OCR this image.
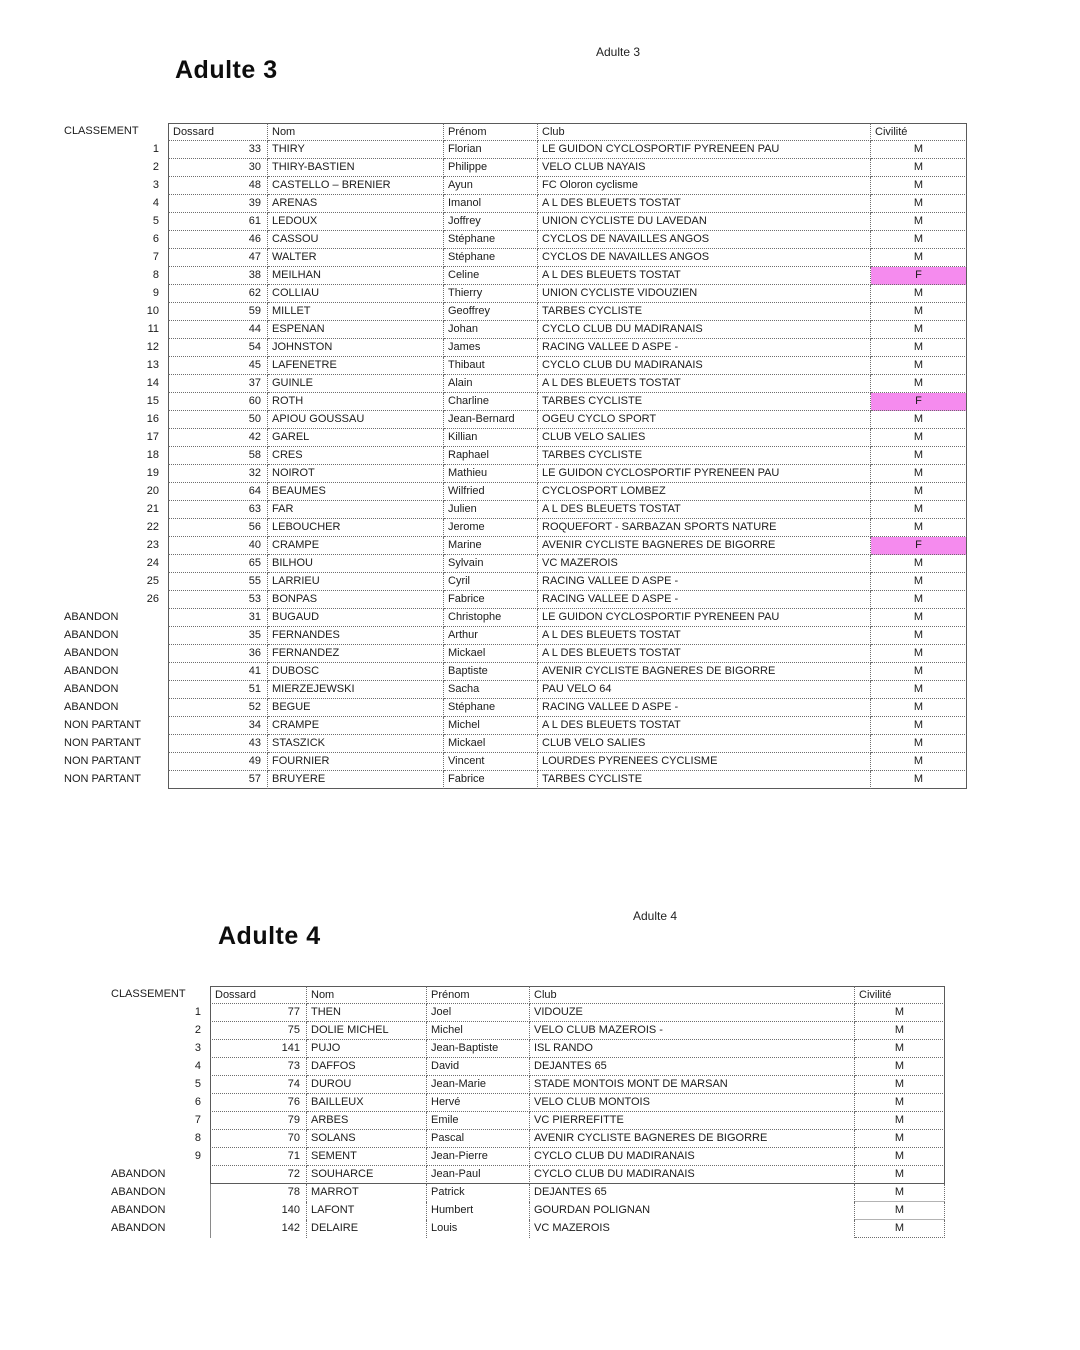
Adulte 3
Adulte 3
CLASSEMENT	Dossard	Nom	Prénom	Club	Civilité
1	33	THIRY	Florian	LE GUIDON CYCLOSPORTIF PYRENEEN PAU	M
2	30	THIRY-BASTIEN	Philippe	VELO CLUB NAYAIS	M
3	48	CASTELLO – BRENIER	Ayun	FC Oloron cyclisme	M
4	39	ARENAS	Imanol	A L DES BLEUETS TOSTAT	M
5	61	LEDOUX	Joffrey	UNION CYCLISTE DU LAVEDAN	M
6	46	CASSOU	Stéphane	CYCLOS DE NAVAILLES ANGOS	M
7	47	WALTER	Stéphane	CYCLOS DE NAVAILLES ANGOS	M
8	38	MEILHAN	Celine	A L DES BLEUETS TOSTAT	F
9	62	COLLIAU	Thierry	UNION CYCLISTE VIDOUZIEN	M
10	59	MILLET	Geoffrey	TARBES CYCLISTE	M
11	44	ESPENAN	Johan	CYCLO CLUB DU MADIRANAIS	M
12	54	JOHNSTON	James	RACING VALLEE D ASPE -	M
13	45	LAFENETRE	Thibaut	CYCLO CLUB DU MADIRANAIS	M
14	37	GUINLE	Alain	A L DES BLEUETS TOSTAT	M
15	60	ROTH	Charline	TARBES CYCLISTE	F
16	50	APIOU GOUSSAU	Jean-Bernard	OGEU CYCLO SPORT	M
17	42	GAREL	Killian	CLUB VELO SALIES	M
18	58	CRES	Raphael	TARBES CYCLISTE	M
19	32	NOIROT	Mathieu	LE GUIDON CYCLOSPORTIF PYRENEEN PAU	M
20	64	BEAUMES	Wilfried	CYCLOSPORT LOMBEZ	M
21	63	FAR	Julien	A L DES BLEUETS TOSTAT	M
22	56	LEBOUCHER	Jerome	ROQUEFORT - SARBAZAN SPORTS NATURE	M
23	40	CRAMPE	Marine	AVENIR CYCLISTE BAGNERES DE BIGORRE	F
24	65	BILHOU	Sylvain	VC MAZEROIS	M
25	55	LARRIEU	Cyril	RACING VALLEE D ASPE -	M
26	53	BONPAS	Fabrice	RACING VALLEE D ASPE -	M
ABANDON	31	BUGAUD	Christophe	LE GUIDON CYCLOSPORTIF PYRENEEN PAU	M
ABANDON	35	FERNANDES	Arthur	A L DES BLEUETS TOSTAT	M
ABANDON	36	FERNANDEZ	Mickael	A L DES BLEUETS TOSTAT	M
ABANDON	41	DUBOSC	Baptiste	AVENIR CYCLISTE BAGNERES DE BIGORRE	M
ABANDON	51	MIERZEJEWSKI	Sacha	PAU VELO 64	M
ABANDON	52	BEGUE	Stéphane	RACING VALLEE D ASPE -	M
NON PARTANT	34	CRAMPE	Michel	A L DES BLEUETS TOSTAT	M
NON PARTANT	43	STASZICK	Mickael	CLUB VELO SALIES	M
NON PARTANT	49	FOURNIER	Vincent	LOURDES PYRENEES CYCLISME	M
NON PARTANT	57	BRUYERE	Fabrice	TARBES CYCLISTE	M
Adulte 4
Adulte 4
CLASSEMENT	Dossard	Nom	Prénom	Club	Civilité
1	77	THEN	Joel	VIDOUZE	M
2	75	DOLIE MICHEL	Michel	VELO CLUB MAZEROIS -	M
3	141	PUJO	Jean-Baptiste	ISL RANDO	M
4	73	DAFFOS	David	DEJANTES 65	M
5	74	DUROU	Jean-Marie	STADE MONTOIS MONT DE MARSAN	M
6	76	BAILLEUX	Hervé	VELO CLUB MONTOIS	M
7	79	ARBES	Emile	VC PIERREFITTE	M
8	70	SOLANS	Pascal	AVENIR CYCLISTE BAGNERES DE BIGORRE	M
9	71	SEMENT	Jean-Pierre	CYCLO CLUB DU MADIRANAIS	M
ABANDON	72	SOUHARCE	Jean-Paul	CYCLO CLUB DU MADIRANAIS	M
ABANDON	78	MARROT	Patrick	DEJANTES 65	M
ABANDON	140	LAFONT	Humbert	GOURDAN POLIGNAN	M
ABANDON	142	DELAIRE	Louis	VC MAZEROIS	M
